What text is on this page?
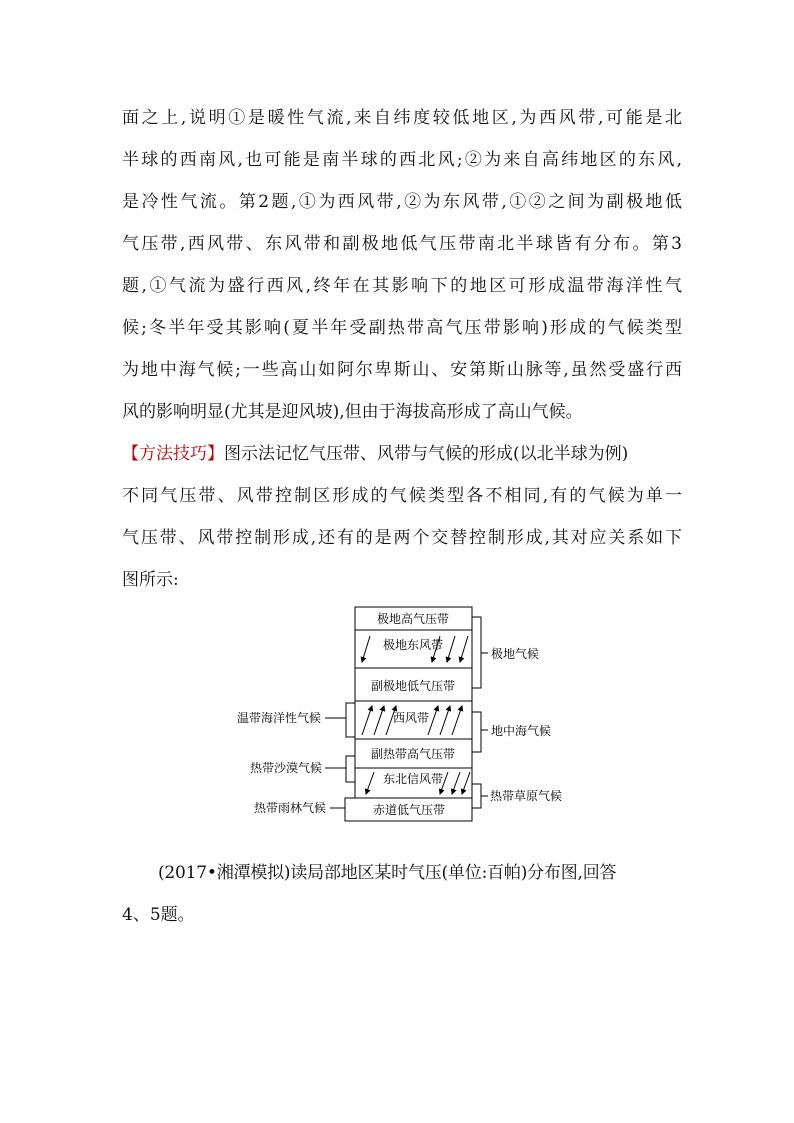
面之上,说明①是暖性气流,来自纬度较低地区,为西风带,可能是北
半球的西南风,也可能是南半球的西北风;②为来自高纬地区的东风,
是冷性气流。第2题,①为西风带,②为东风带,①②之间为副极地低
气压带,西风带、东风带和副极地低气压带南北半球皆有分布。第3
题,①气流为盛行西风,终年在其影响下的地区可形成温带海洋性气
候;冬半年受其影响(夏半年受副热带高气压带影响)形成的气候类型
为地中海气候;一些高山如阿尔卑斯山、安第斯山脉等,虽然受盛行西
风的影响明显(尤其是迎风坡),但由于海拔高形成了高山气候。
【方法技巧】图示法记忆气压带、风带与气候的形成(以北半球为例)
不同气压带、风带控制区形成的气候类型各不相同,有的气候为单一
气压带、风带控制形成,还有的是两个交替控制形成,其对应关系如下
图所示:
极地高气压带
极地东风带
副极地低气压带
西风带
副热带高气压带
东北信风带
赤道低气压带
极地气候
地中海气候
热带草原气候
温带海洋性气候
热带沙漠气候
热带雨林气候
(2017•湘潭模拟)读局部地区某时气压(单位:百帕)分布图,回答
4、5题。
